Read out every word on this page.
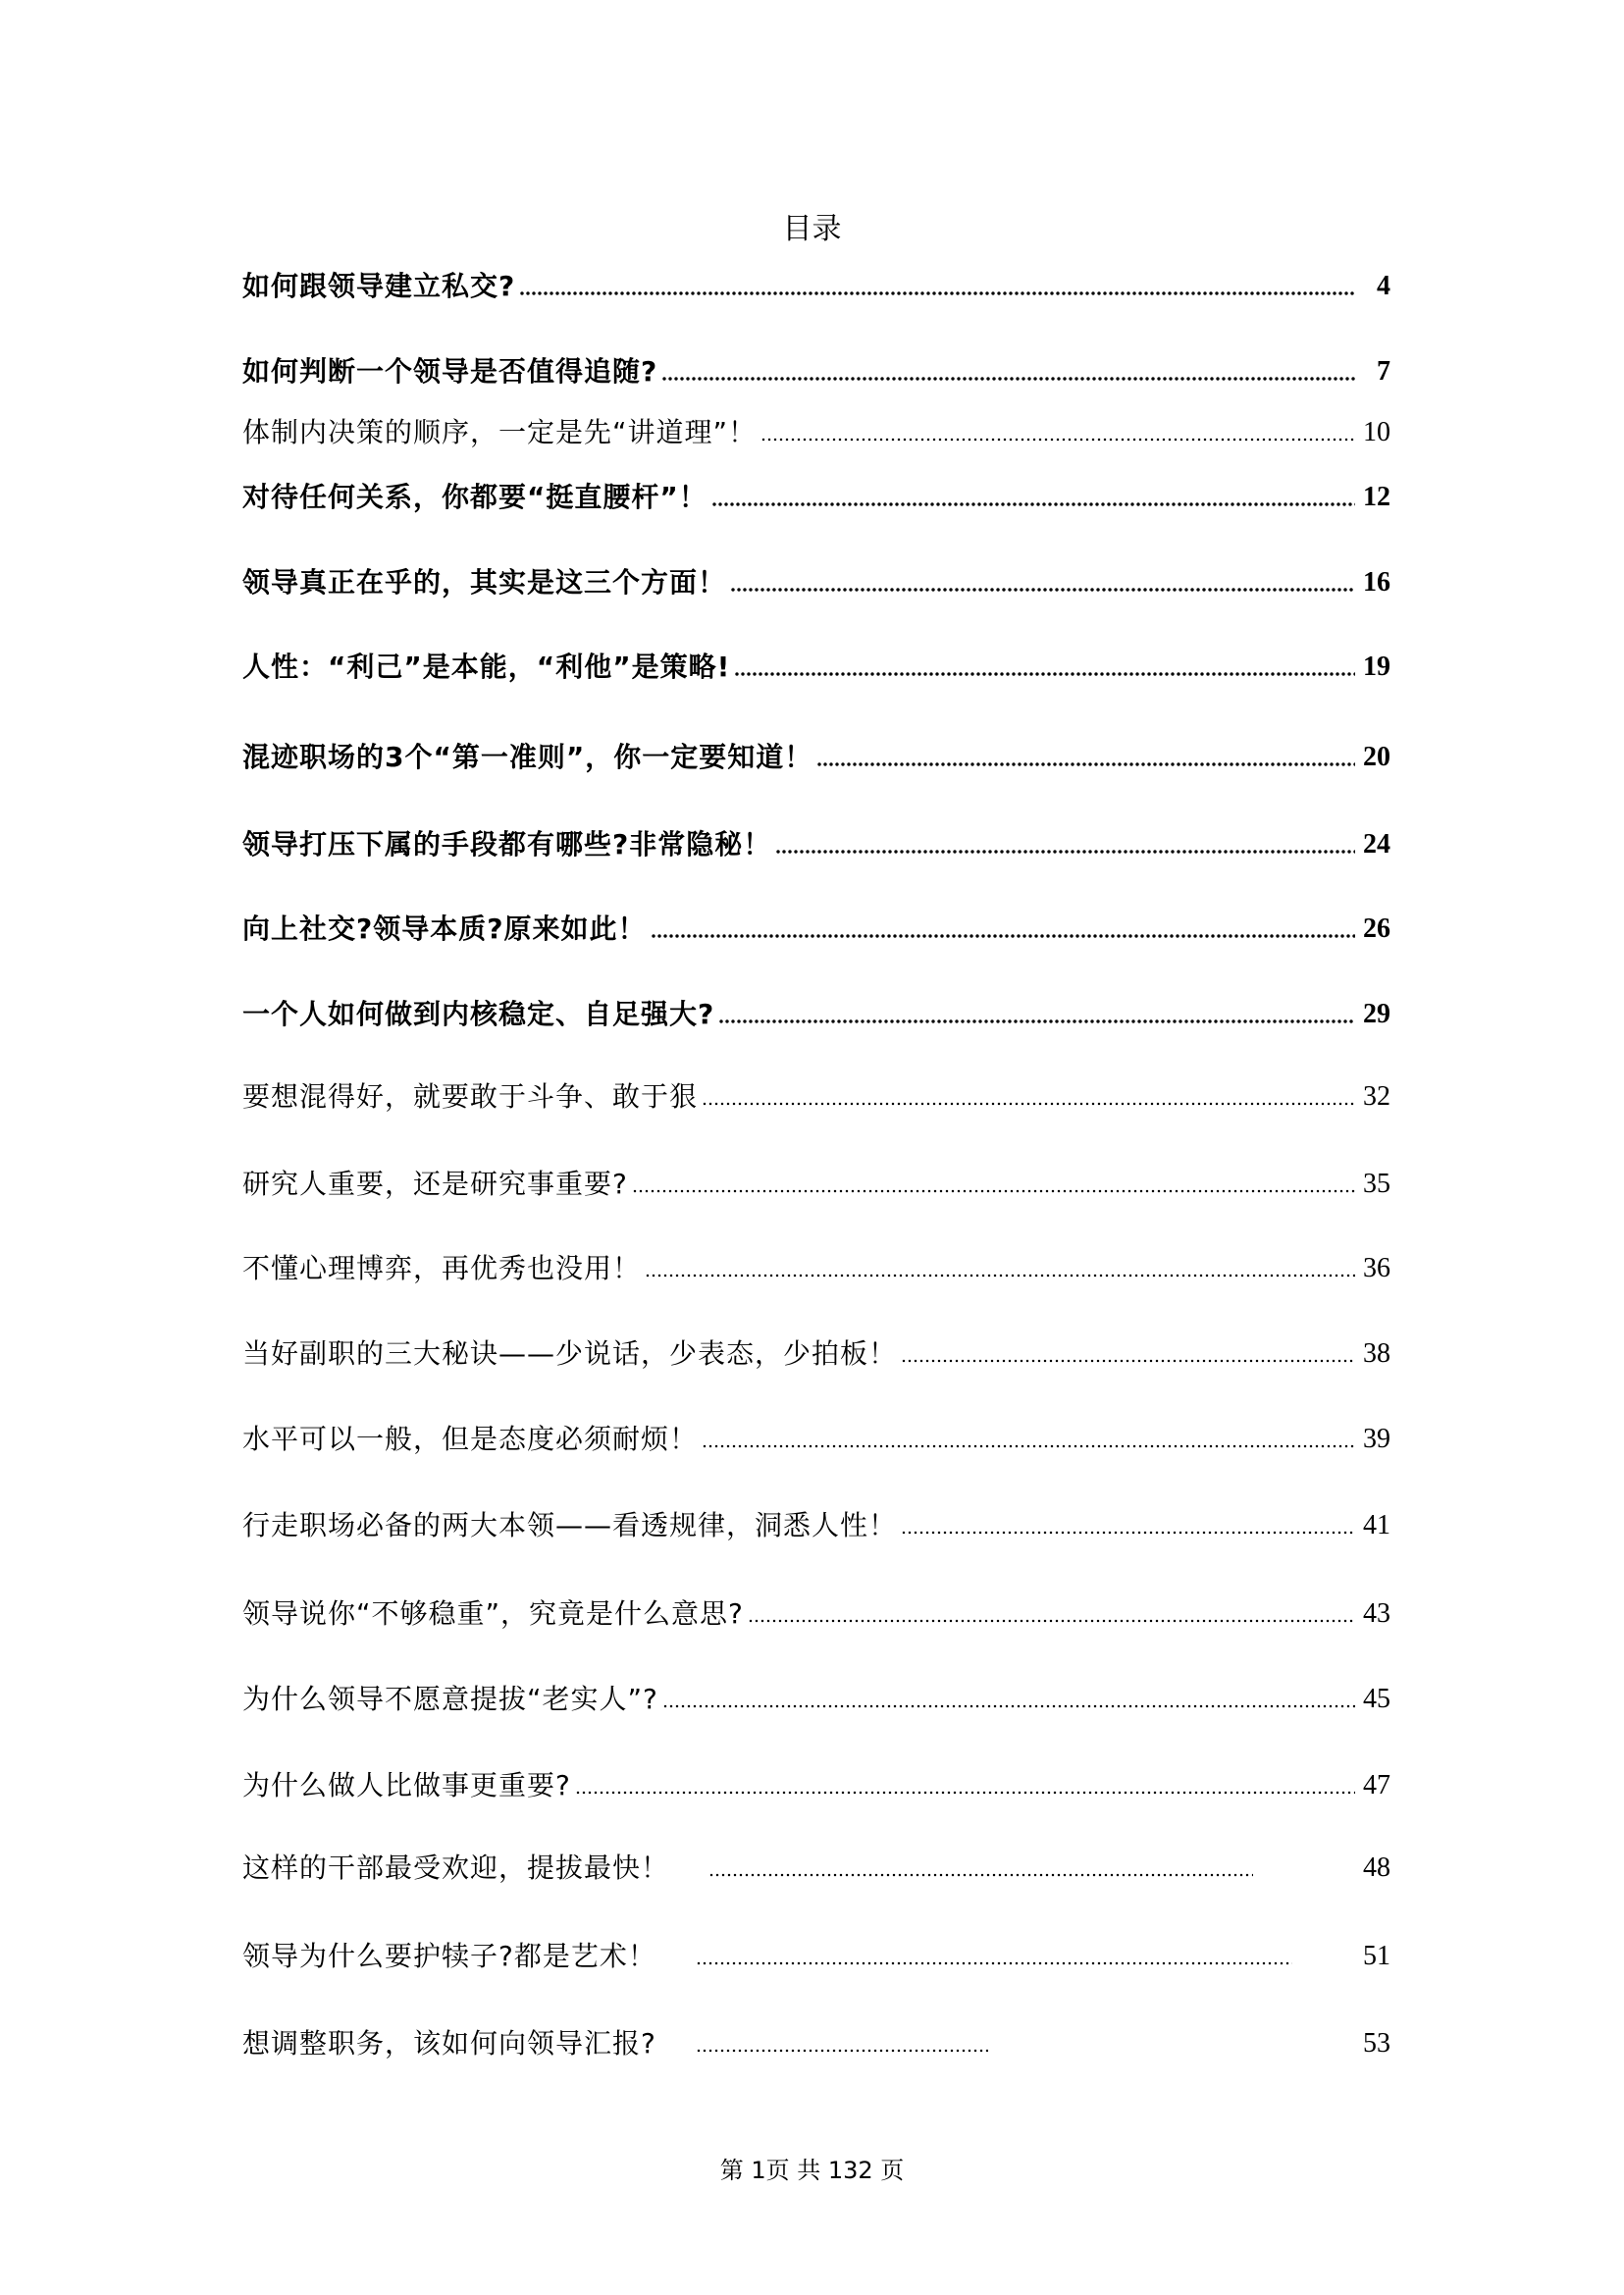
目录
如何跟领导建立私交?	4
如何判断一个领导是否值得追随?	7
体制内决策的顺序，一定是先“讲道理”！	10
对待任何关系，你都要“挺直腰杆”！	12
领导真正在乎的，其实是这三个方面！	16
人性：“利己”是本能，“利他”是策略!	19
混迹职场的3个“第一准则”，你一定要知道！	20
领导打压下属的手段都有哪些?非常隐秘！	24
向上社交?领导本质?原来如此！	26
一个人如何做到内核稳定、自足强大?	29
要想混得好，就要敢于斗争、敢于狠	32
研究人重要，还是研究事重要?	35
不懂心理博弈，再优秀也没用！	36
当好副职的三大秘诀——少说话，少表态，少拍板！	38
水平可以一般，但是态度必须耐烦！	39
行走职场必备的两大本领——看透规律，洞悉人性！	41
领导说你“不够稳重”，究竟是什么意思?	43
为什么领导不愿意提拔“老实人”?	45
为什么做人比做事更重要?	47
这样的干部最受欢迎，提拔最快！	48
领导为什么要护犊子?都是艺术！	51
想调整职务，该如何向领导汇报?	53
第 1页 共 132 页
